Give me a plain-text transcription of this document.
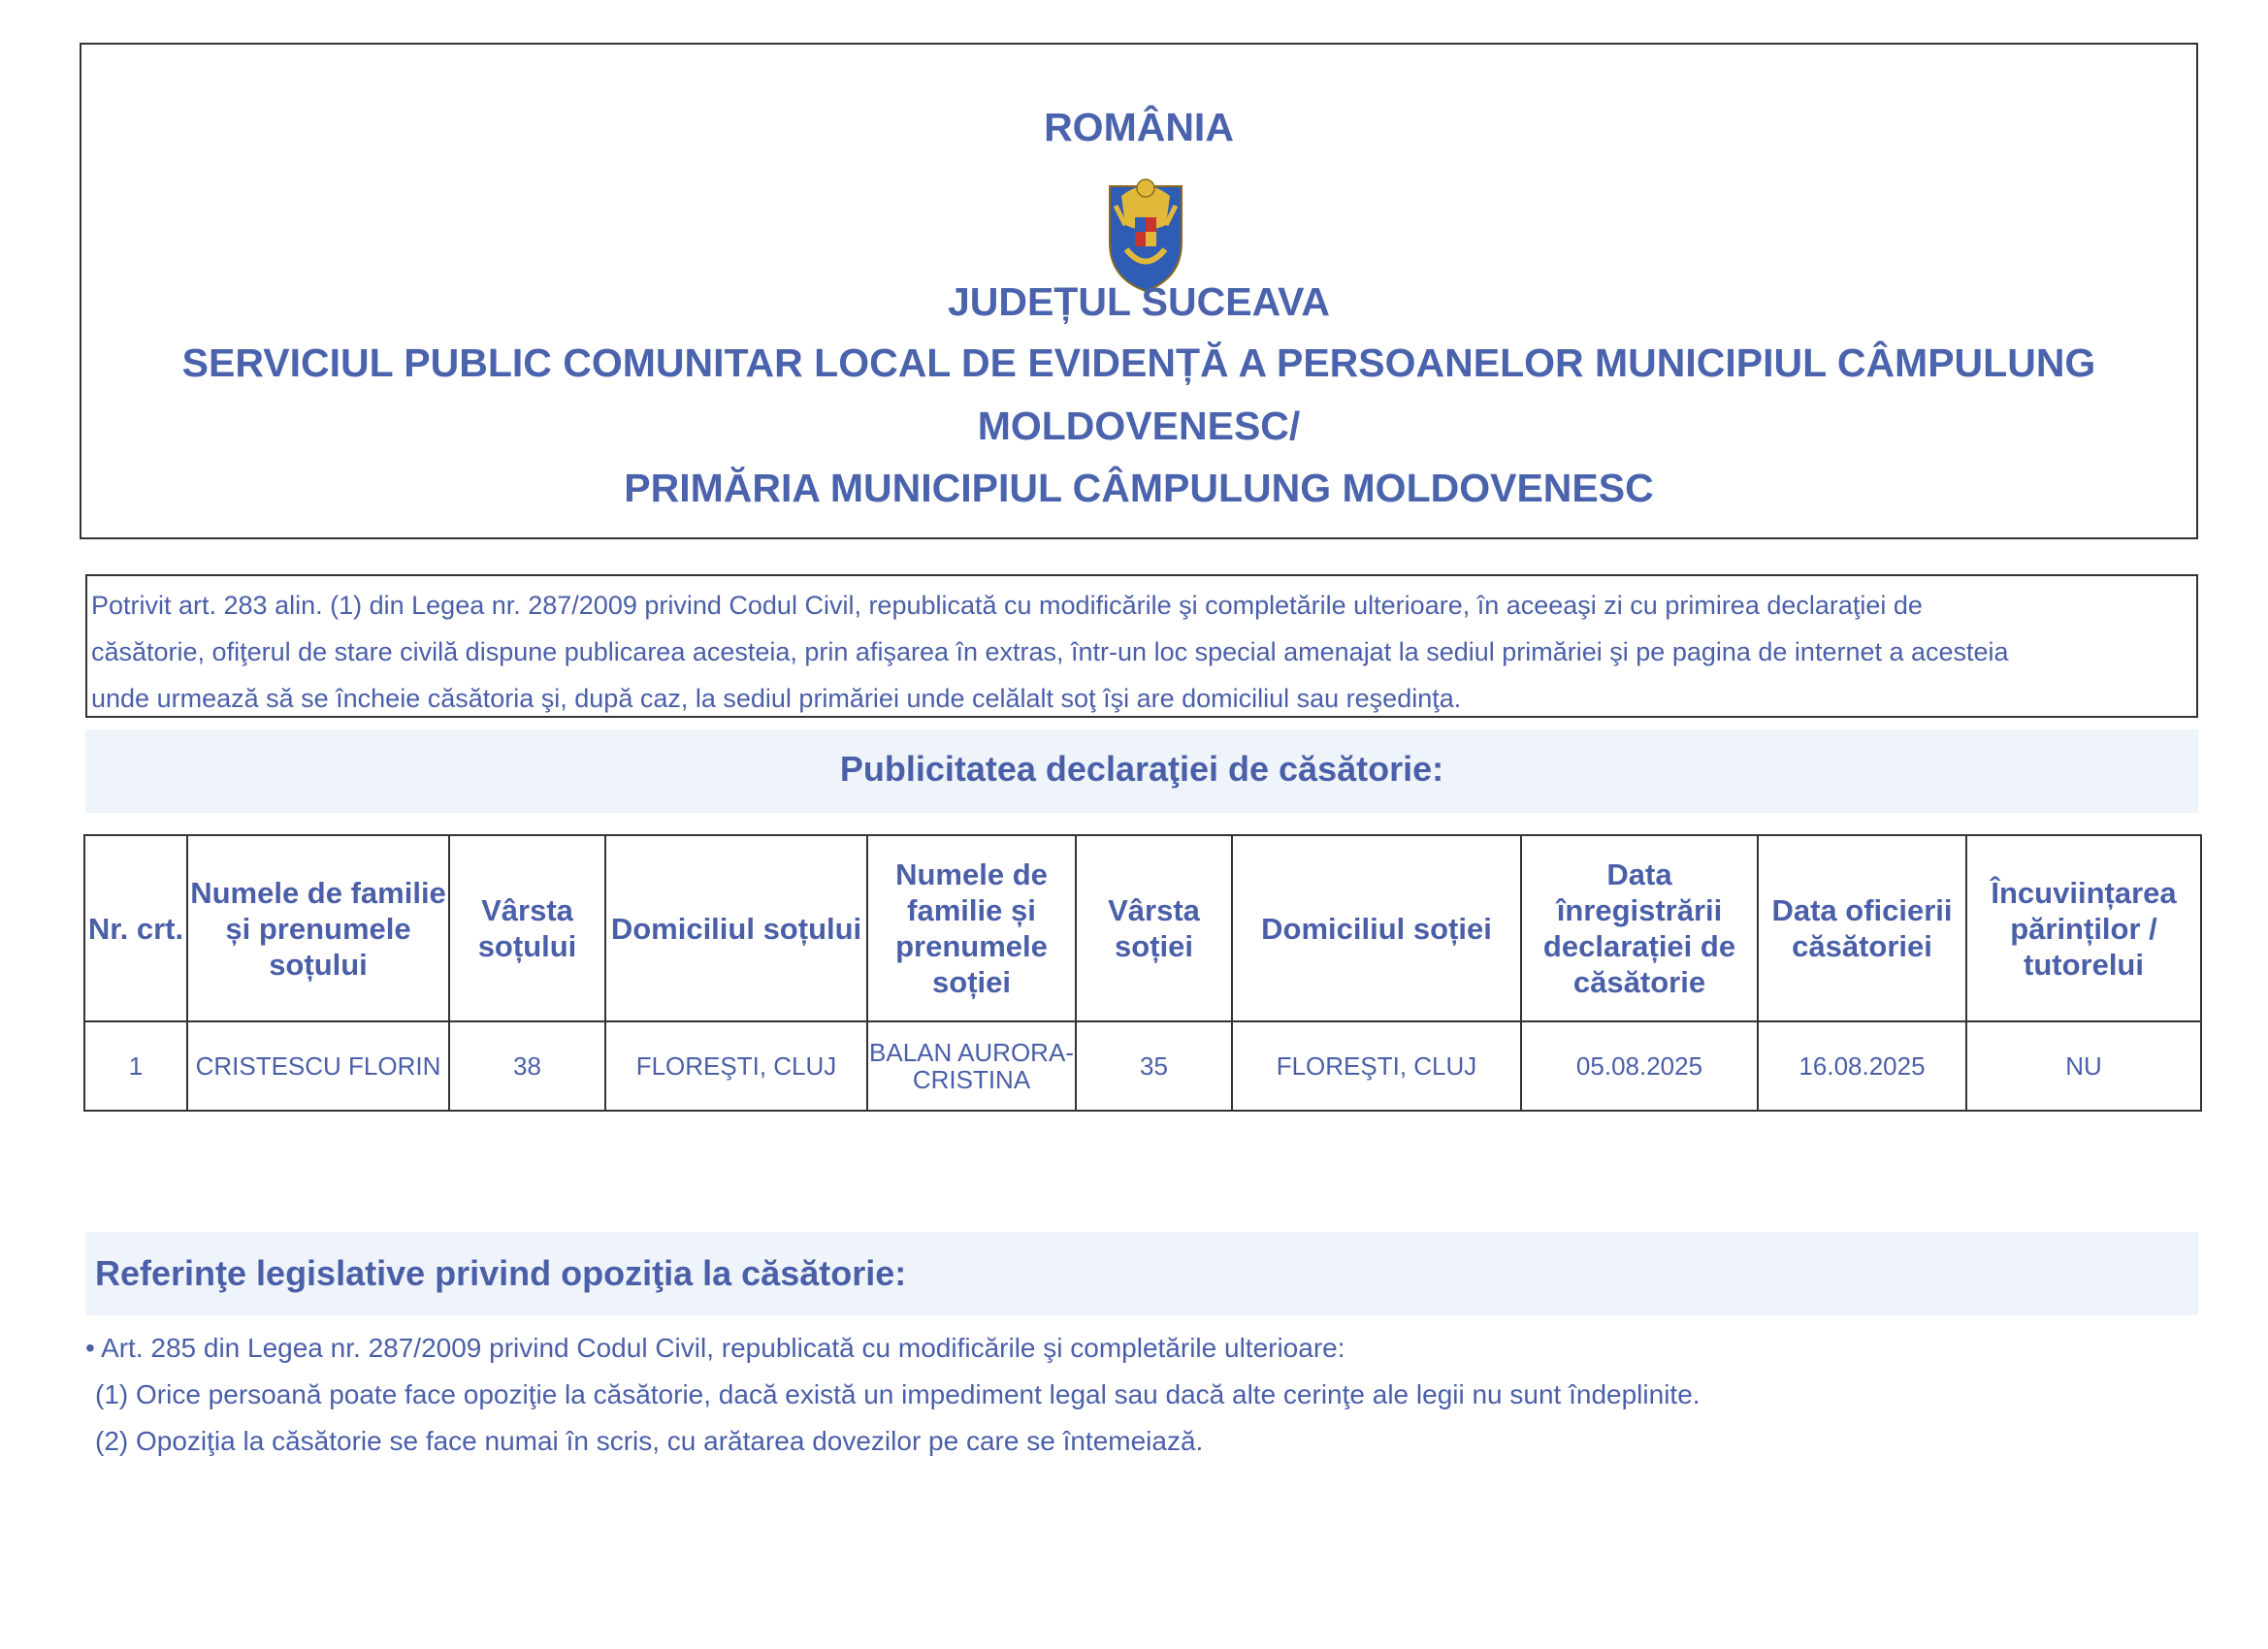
ROMÂNIA
JUDEȚUL SUCEAVA
SERVICIUL PUBLIC COMUNITAR LOCAL DE EVIDENȚĂ A PERSOANELOR MUNICIPIUL CÂMPULUNG
MOLDOVENESC/
PRIMĂRIA MUNICIPIUL CÂMPULUNG MOLDOVENESC
Potrivit art. 283 alin. (1) din Legea nr. 287/2009 privind Codul Civil, republicată cu modificările şi completările ulterioare, în aceeaşi zi cu primirea declaraţiei de
căsătorie, ofiţerul de stare civilă dispune publicarea acesteia, prin afişarea în extras, într-un loc special amenajat la sediul primăriei şi pe pagina de internet a acesteia
unde urmează să se încheie căsătoria şi, după caz, la sediul primăriei unde celălalt soţ îşi are domiciliul sau reşedinţa.
Publicitatea declaraţiei de căsătorie:
Nr. crt.	Numele de familie și prenumele soțului	Vârsta soțului	Domiciliul soțului	Numele de familie și prenumele soției	Vârsta soției	Domiciliul soției	Data înregistrării declarației de căsătorie	Data oficierii căsătoriei	Încuviințarea părinților / tutorelui
1	CRISTESCU FLORIN	38	FLOREŞTI, CLUJ	BALAN AURORA-CRISTINA	35	FLOREŞTI, CLUJ	05.08.2025	16.08.2025	NU
Referinţe legislative privind opoziţia la căsătorie:
• Art. 285 din Legea nr. 287/2009 privind Codul Civil, republicată cu modificările şi completările ulterioare:
(1) Orice persoană poate face opoziţie la căsătorie, dacă există un impediment legal sau dacă alte cerinţe ale legii nu sunt îndeplinite.
(2) Opoziţia la căsătorie se face numai în scris, cu arătarea dovezilor pe care se întemeiază.
